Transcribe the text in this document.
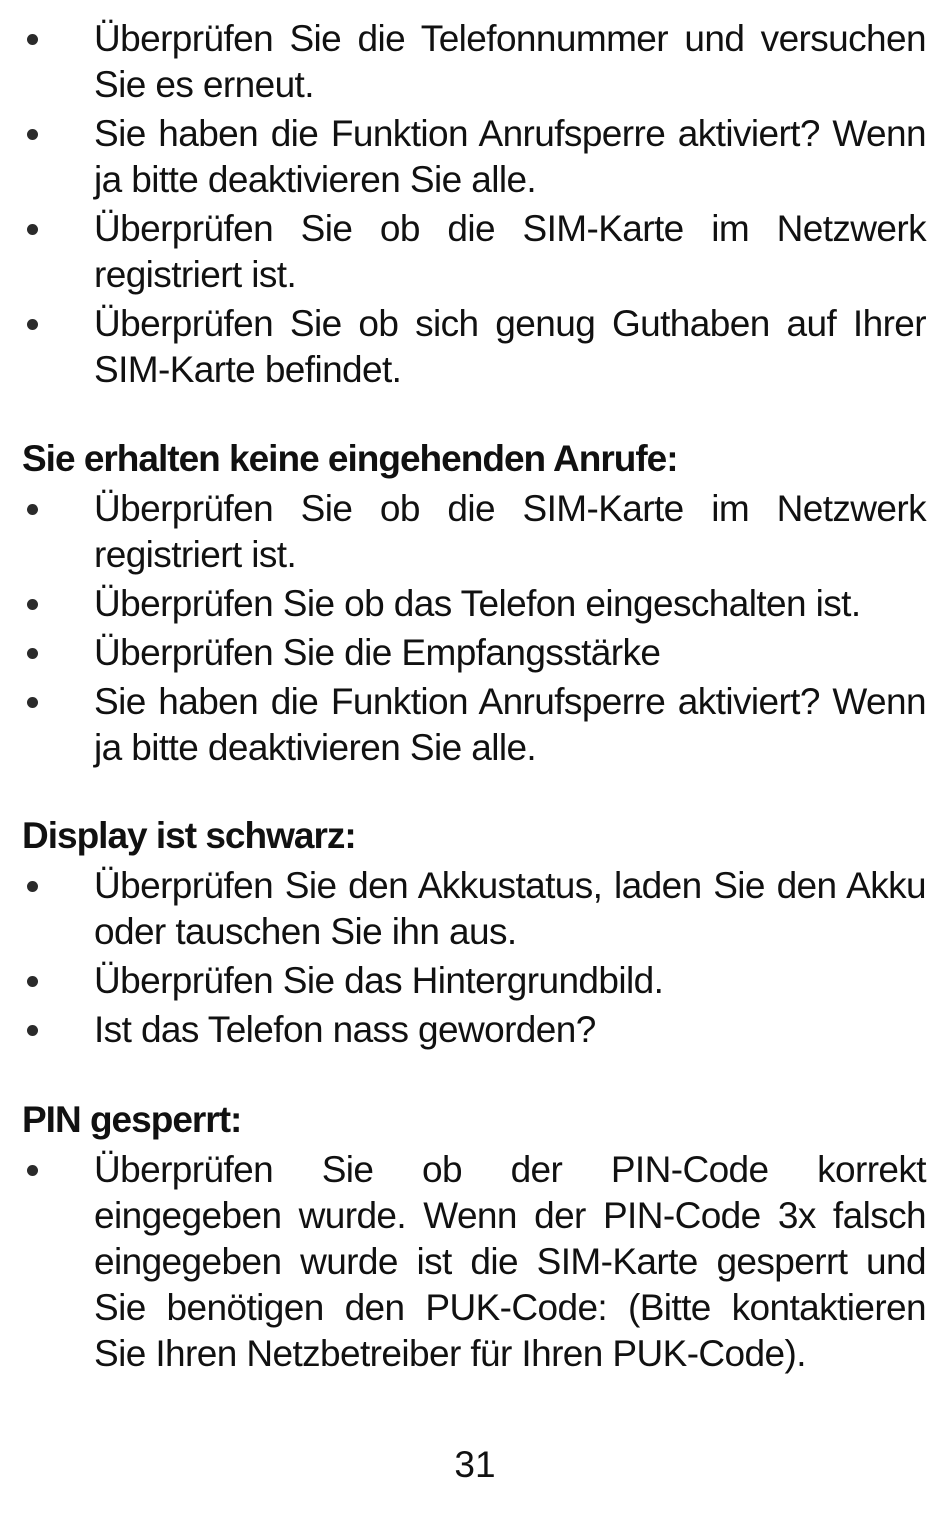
Überprüfen Sie die Telefonnummer und versuchen Sie es erneut.
Sie haben die Funktion Anrufsperre aktiviert? Wenn ja bitte deaktivieren Sie alle.
Überprüfen Sie ob die SIM-Karte im Netzwerk registriert ist.
Überprüfen Sie ob sich genug Guthaben auf Ihrer SIM-Karte befindet.
Sie erhalten keine eingehenden Anrufe:
Überprüfen Sie ob die SIM-Karte im Netzwerk registriert ist.
Überprüfen Sie ob das Telefon eingeschalten ist.
Überprüfen Sie die Empfangsstärke
Sie haben die Funktion Anrufsperre aktiviert? Wenn ja bitte deaktivieren Sie alle.
Display ist schwarz:
Überprüfen Sie den Akkustatus, laden Sie den Akku oder tauschen Sie ihn aus.
Überprüfen Sie das Hintergrundbild.
Ist das Telefon nass geworden?
PIN gesperrt:
Überprüfen Sie ob der PIN-Code korrekt eingegeben wurde. Wenn der PIN-Code 3x falsch eingegeben wurde ist die SIM-Karte gesperrt und Sie benötigen den PUK-Code: (Bitte kontaktieren Sie Ihren Netzbetreiber für Ihren PUK-Code).
31
